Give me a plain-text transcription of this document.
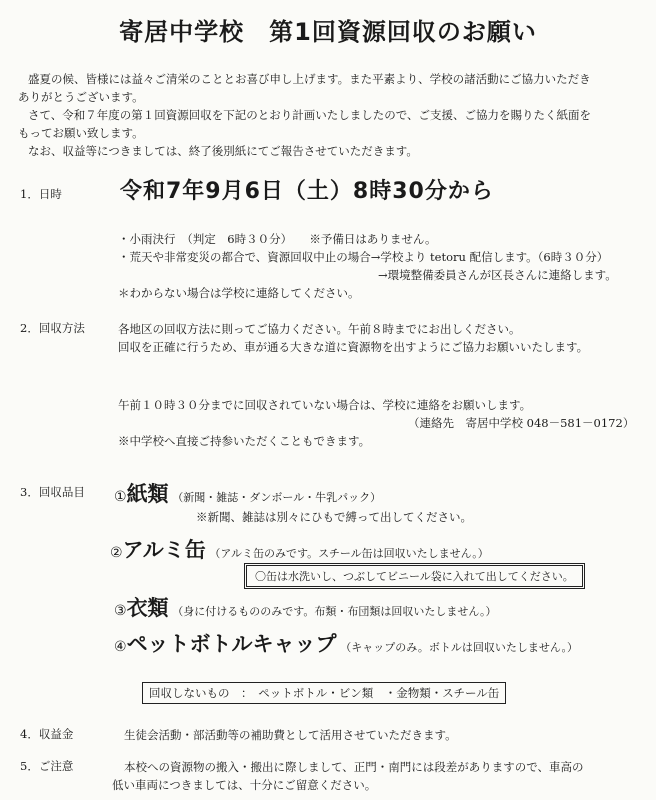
寄居中学校　第1回資源回収のお願い
盛夏の候、皆様には益々ご清栄のこととお喜び申し上げます。また平素より、学校の諸活動にご協力いただき
ありがとうございます。
さて、令和７年度の第１回資源回収を下記のとおり計画いたしましたので、ご支援、ご協力を賜りたく紙面を
もってお願い致します。
なお、収益等につきましては、終了後別紙にてご報告させていただきます。
1．日時	令和7年9月6日（土）8時30分から
・小雨決行　（判定　6時３０分）　　※予備日はありません。
・荒天や非常変災の都合で、資源回収中止の場合→学校より tetoru 配信します。（6時３０分）
→環境整備委員さんが区長さんに連絡します。
＊わからない場合は学校に連絡してください。
2．回収方法	各地区の回収方法に則ってご協力ください。午前８時までにお出しください。
回収を正確に行うため、車が通る大きな道に資源物を出すようにご協力お願いいたします。
午前１０時３０分までに回収されていない場合は、学校に連絡をお願いします。
（連絡先　寄居中学校 048－581－0172）
※中学校へ直接ご持参いただくこともできます。
3．回収品目 ①紙類 （新聞・雑誌・ダンボール・牛乳パック）
※新聞、雑誌は別々にひもで縛って出してください。
②アルミ缶 （アルミ缶のみです。スチール缶は回収いたしません。）
〇缶は水洗いし、つぶしてビニール袋に入れて出してください。
③衣類 （身に付けるもののみです。布類・布団類は回収いたしません。）
④ペットボトルキャップ （キャップのみ。ボトルは回収いたしません。）
回収しないもの　：　ペットボトル・ビン類　・金物類・スチール缶
4．収益金	生徒会活動・部活動等の補助費として活用させていただきます。
5．ご注意	本校への資源物の搬入・搬出に際しまして、正門・南門には段差がありますので、車高の
低い車両につきましては、十分にご留意ください。
